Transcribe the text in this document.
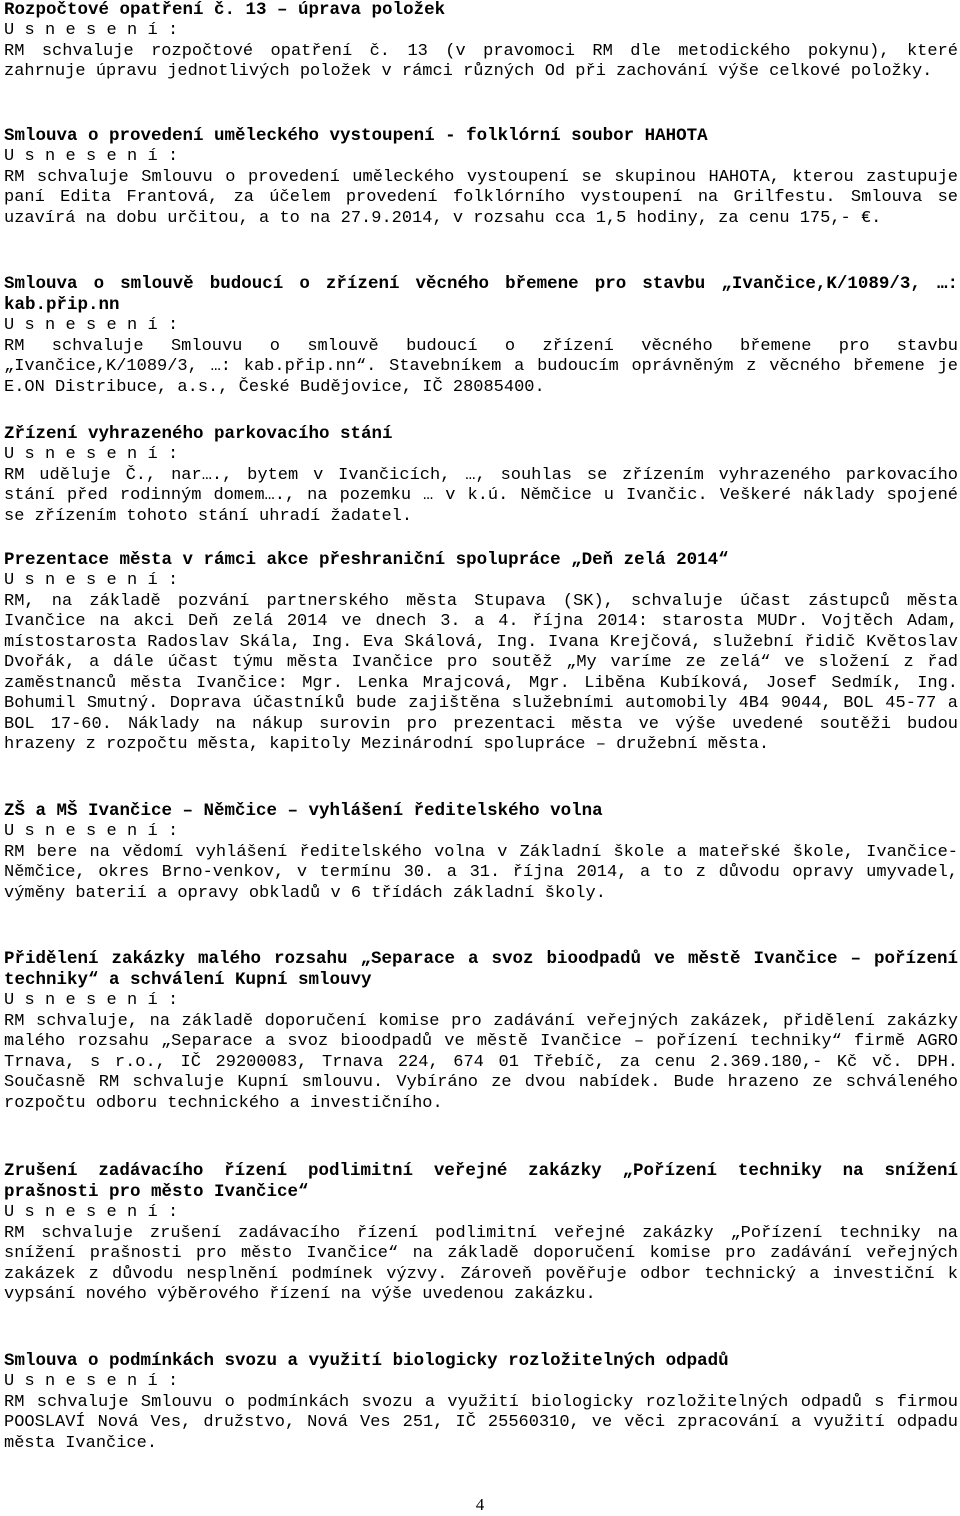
Rozpočtové opatření č. 13 – úprava položek
U s n e s e n í :
RM schvaluje rozpočtové opatření č. 13 (v pravomoci RM dle metodického pokynu), které zahrnuje úpravu jednotlivých položek v rámci různých Od při zachování výše celkové položky.
Smlouva o provedení uměleckého vystoupení - folklórní soubor HAHOTA
U s n e s e n í :
RM schvaluje Smlouvu o provedení uměleckého vystoupení se skupinou HAHOTA, kterou zastupuje paní Edita Frantová, za účelem provedení folklórního vystoupení na Grilfestu. Smlouva se uzavírá na dobu určitou, a to na 27.9.2014, v rozsahu cca 1,5 hodiny, za cenu 175,- €.
Smlouva o smlouvě budoucí o zřízení věcného břemene pro stavbu „Ivančice,K/1089/3, …: kab.přip.nn
U s n e s e n í :
RM schvaluje Smlouvu o smlouvě budoucí o zřízení věcného břemene pro stavbu „Ivančice,K/1089/3, …: kab.přip.nn“. Stavebníkem a budoucím oprávněným z věcného břemene je E.ON Distribuce, a.s., České Budějovice, IČ 28085400.
Zřízení vyhrazeného parkovacího stání
U s n e s e n í :
RM uděluje Č., nar…., bytem v Ivančicích, …, souhlas se zřízením vyhrazeného parkovacího stání před rodinným domem…., na pozemku … v k.ú. Němčice u Ivančic. Veškeré náklady spojené se zřízením tohoto stání uhradí žadatel.
Prezentace města v rámci akce přeshraniční spolupráce „Deň zelá 2014“
U s n e s e n í :
RM, na základě pozvání partnerského města Stupava (SK), schvaluje účast zástupců města Ivančice na akci Deň zelá 2014 ve dnech 3. a 4. října 2014: starosta MUDr. Vojtěch Adam, místostarosta Radoslav Skála, Ing. Eva Skálová, Ing. Ivana Krejčová, služební řidič Květoslav Dvořák, a dále účast týmu města Ivančice pro soutěž „My varíme ze zelá“ ve složení z řad zaměstnanců města Ivančice: Mgr. Lenka Mrajcová, Mgr. Liběna Kubíková, Josef Sedmík, Ing. Bohumil Smutný. Doprava účastníků bude zajištěna služebními automobily 4B4 9044, BOL 45-77 a BOL 17-60. Náklady na nákup surovin pro prezentaci města ve výše uvedené soutěži budou hrazeny z rozpočtu města, kapitoly Mezinárodní spolupráce – družební města.
ZŠ a MŠ Ivančice – Němčice – vyhlášení ředitelského volna
U s n e s e n í :
RM bere na vědomí vyhlášení ředitelského volna v Základní škole a mateřské škole, Ivančice-Němčice, okres Brno-venkov, v termínu 30. a 31. října 2014, a to z důvodu opravy umyvadel, výměny baterií a opravy obkladů v 6 třídách základní školy.
Přidělení zakázky malého rozsahu „Separace a svoz bioodpadů ve městě Ivančice – pořízení techniky“ a schválení Kupní smlouvy
U s n e s e n í :
RM schvaluje, na základě doporučení komise pro zadávání veřejných zakázek, přidělení zakázky malého rozsahu „Separace a svoz bioodpadů ve městě Ivančice – pořízení techniky“ firmě AGRO Trnava, s r.o., IČ 29200083, Trnava 224, 674 01 Třebíč, za cenu 2.369.180,- Kč vč. DPH. Současně RM schvaluje Kupní smlouvu. Vybíráno ze dvou nabídek. Bude hrazeno ze schváleného rozpočtu odboru technického a investičního.
Zrušení zadávacího řízení podlimitní veřejné zakázky „Pořízení techniky na snížení prašnosti pro město Ivančice“
U s n e s e n í :
RM schvaluje zrušení zadávacího řízení podlimitní veřejné zakázky „Pořízení techniky na snížení prašnosti pro město Ivančice“ na základě doporučení komise pro zadávání veřejných zakázek z důvodu nesplnění podmínek výzvy. Zároveň pověřuje odbor technický a investiční k vypsání nového výběrového řízení na výše uvedenou zakázku.
Smlouva o podmínkách svozu a využití biologicky rozložitelných odpadů
U s n e s e n í :
RM schvaluje Smlouvu o podmínkách svozu a využití biologicky rozložitelných odpadů s firmou POOSLAVÍ Nová Ves, družstvo, Nová Ves 251, IČ 25560310, ve věci zpracování a využití odpadu města Ivančice.
4
